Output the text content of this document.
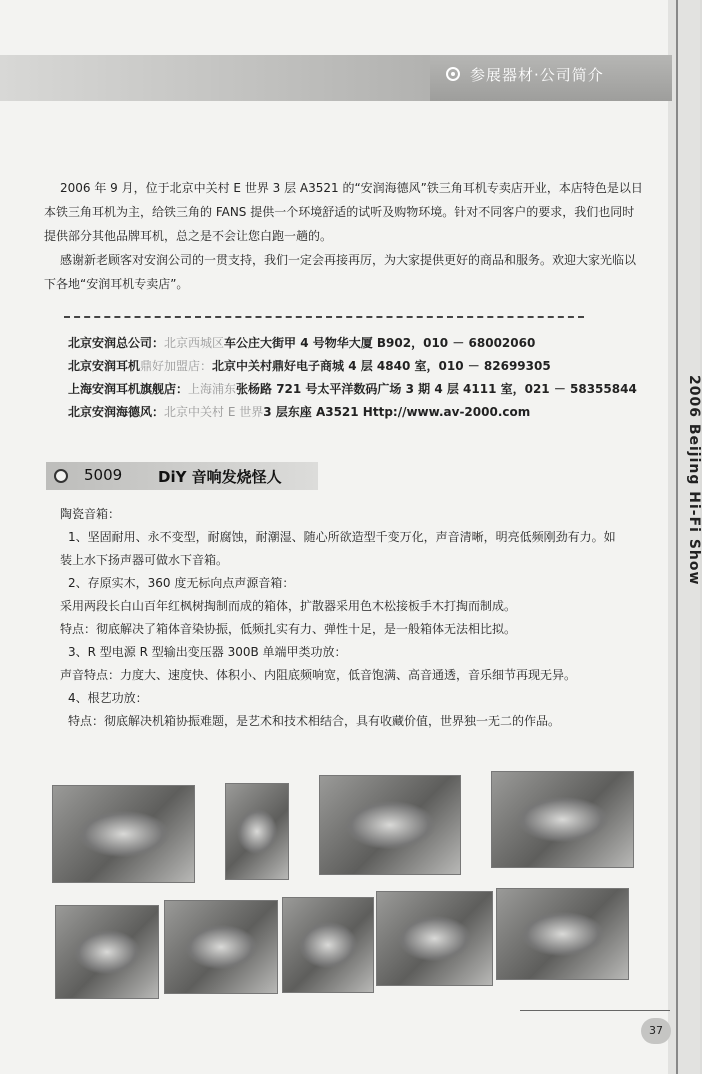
2006 Beijing Hi-Fi Show
参展器材·公司简介

2006 年 9 月，位于北京中关村 E 世界 3 层 A3521 的“安润海德风”铁三角耳机专卖店开业，本店特色是以日本铁三角耳机为主，给铁三角的 FANS 提供一个环境舒适的试听及购物环境。针对不同客户的要求，我们也同时提供部分其他品牌耳机，总之是不会让您白跑一趟的。

感谢新老顾客对安润公司的一贯支持，我们一定会再接再厉，为大家提供更好的商品和服务。欢迎大家光临以下各地“安润耳机专卖店”。

北京安润总公司：北京西城区车公庄大街甲 4 号物华大厦 B902，010 － 68002060
北京安润耳机鼎好加盟店：北京中关村鼎好电子商城 4 层 4840 室，010 － 82699305
上海安润耳机旗舰店：上海浦东张杨路 721 号太平洋数码广场 3 期 4 层 4111 室，021 － 58355844
北京安润海德风：北京中关村 E 世界3 层东座 A3521 Http://www.av-2000.com
5009 DiY 音响发烧怪人

陶瓷音箱：

1、坚固耐用、永不变型，耐腐蚀，耐潮湿、随心所欲造型千变万化，声音清晰，明亮低频刚劲有力。如

装上水下扬声器可做水下音箱。

2、存原实木，360 度无标向点声源音箱：

采用两段长白山百年红枫树掏制而成的箱体，扩散器采用色木松接板手木打掏而制成。

特点：彻底解决了箱体音染协振，低频扎实有力、弹性十足，是一般箱体无法相比拟。

3、R 型电源 R 型输出变压器 300B 单端甲类功放：

声音特点：力度大、速度快、体积小、内阻底频响宽，低音饱满、高音通透，音乐细节再现无异。

4、根艺功放：

特点：彻底解决机箱协振难题，是艺术和技术相结合，具有收藏价值，世界独一无二的作品。

37
